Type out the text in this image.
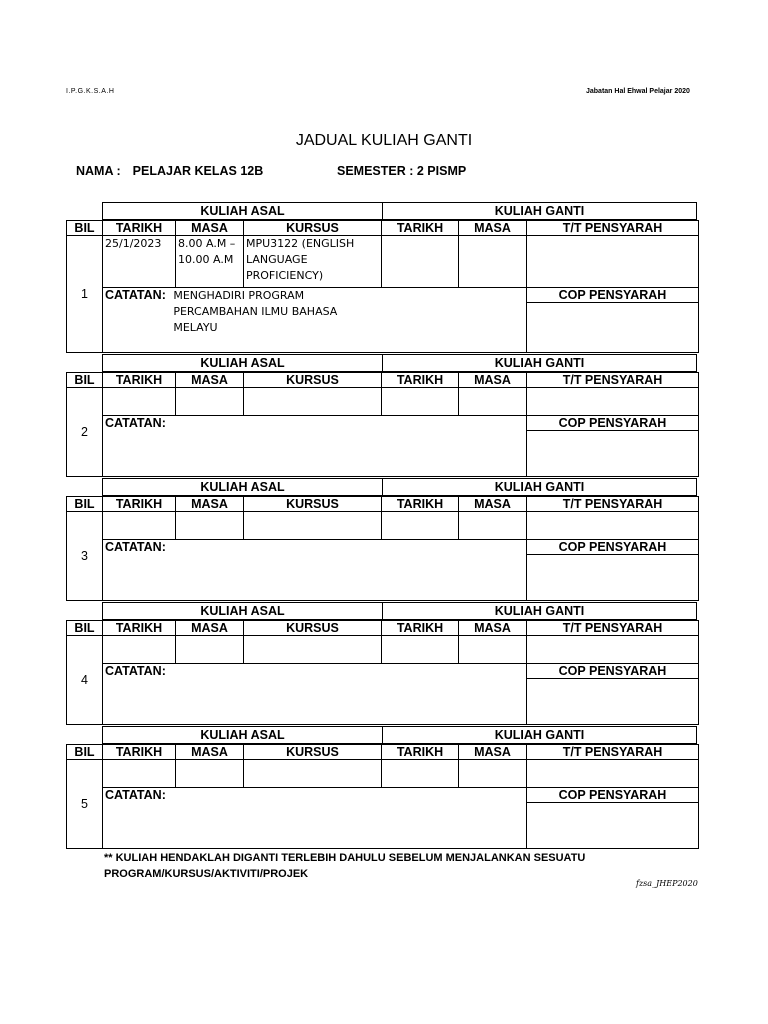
I.P.G.K.S.A.H	Jabatan Hal Ehwal Pelajar 2020
JADUAL KULIAH GANTI
NAMA : PELAJAR KELAS 12B	SEMESTER : 2 PISMP
KULIAH ASAL	KULIAH GANTI
BIL	TARIKH	MASA	KURSUS	TARIKH	MASA	T/T PENSYARAH
1	25/1/2023	8.00 A.M – 10.00 A.M	MPU3122 (ENGLISH LANGUAGE PROFICIENCY)			
	CATATAN: MENGHADIRI PROGRAM PERCAMBAHAN ILMU BAHASA MELAYU					COP PENSYARAH

KULIAH ASAL	KULIAH GANTI
BIL	TARIKH	MASA	KURSUS	TARIKH	MASA	T/T PENSYARAH
2						
	CATATAN:					COP PENSYARAH

KULIAH ASAL	KULIAH GANTI
BIL	TARIKH	MASA	KURSUS	TARIKH	MASA	T/T PENSYARAH
3						
	CATATAN:					COP PENSYARAH

KULIAH ASAL	KULIAH GANTI
BIL	TARIKH	MASA	KURSUS	TARIKH	MASA	T/T PENSYARAH
4						
	CATATAN:					COP PENSYARAH

KULIAH ASAL	KULIAH GANTI
BIL	TARIKH	MASA	KURSUS	TARIKH	MASA	T/T PENSYARAH
5						
	CATATAN:					COP PENSYARAH

** KULIAH HENDAKLAH DIGANTI TERLEBIH DAHULU SEBELUM MENJALANKAN SESUATU PROGRAM/KURSUS/AKTIVITI/PROJEK
fzsa_JHEP2020
